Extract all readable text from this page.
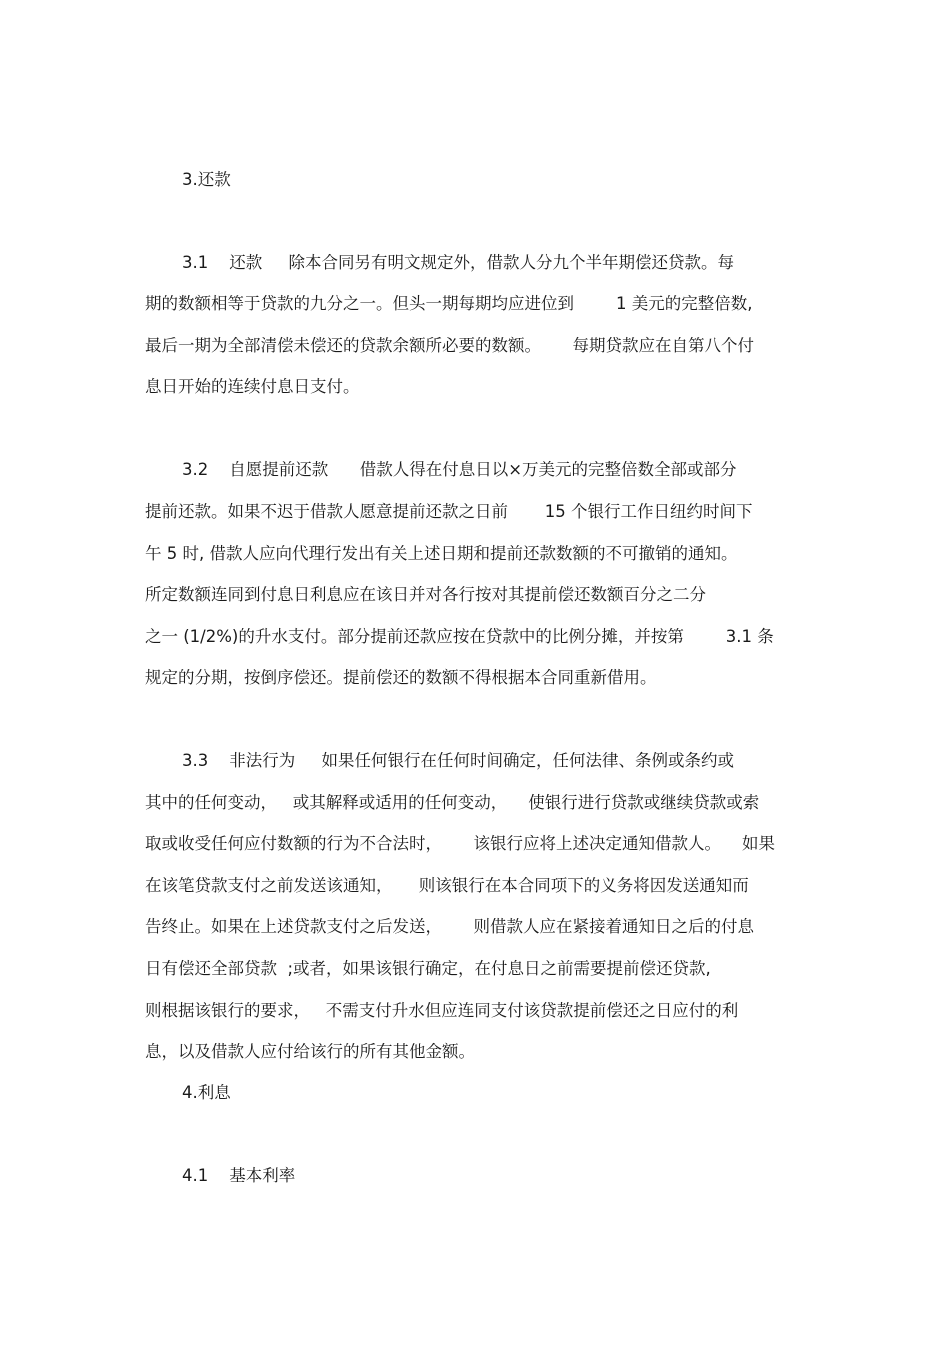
3.还款
3.1    还款     除本合同另有明文规定外，借款人分九个半年期偿还贷款。每
期的数额相等于贷款的九分之一。但头一期每期均应进位到        1 美元的完整倍数,
最后一期为全部清偿未偿还的贷款余额所必要的数额。      每期贷款应在自第八个付
息日开始的连续付息日支付。
3.2    自愿提前还款      借款人得在付息日以×万美元的完整倍数全部或部分
提前还款。如果不迟于借款人愿意提前还款之日前       15 个银行工作日纽约时间下
午 5 时, 借款人应向代理行发出有关上述日期和提前还款数额的不可撤销的通知。
所定数额连同到付息日利息应在该日并对各行按对其提前偿还数额百分之二分
之一 (1/2%)的升水支付。部分提前还款应按在贷款中的比例分摊，并按第        3.1 条
规定的分期，按倒序偿还。提前偿还的数额不得根据本合同重新借用。
3.3    非法行为     如果任何银行在任何时间确定，任何法律、条例或条约或
其中的任何变动，   或其解释或适用的任何变动，    使银行进行贷款或继续贷款或索
取或收受任何应付数额的行为不合法时，      该银行应将上述决定通知借款人。    如果
在该笔贷款支付之前发送该通知，     则该银行在本合同项下的义务将因发送通知而
告终止。如果在上述贷款支付之后发送，      则借款人应在紧接着通知日之后的付息
日有偿还全部贷款  ;或者，如果该银行确定，在付息日之前需要提前偿还贷款,
则根据该银行的要求，   不需支付升水但应连同支付该贷款提前偿还之日应付的利
息，以及借款人应付给该行的所有其他金额。
4.利息
4.1    基本利率
